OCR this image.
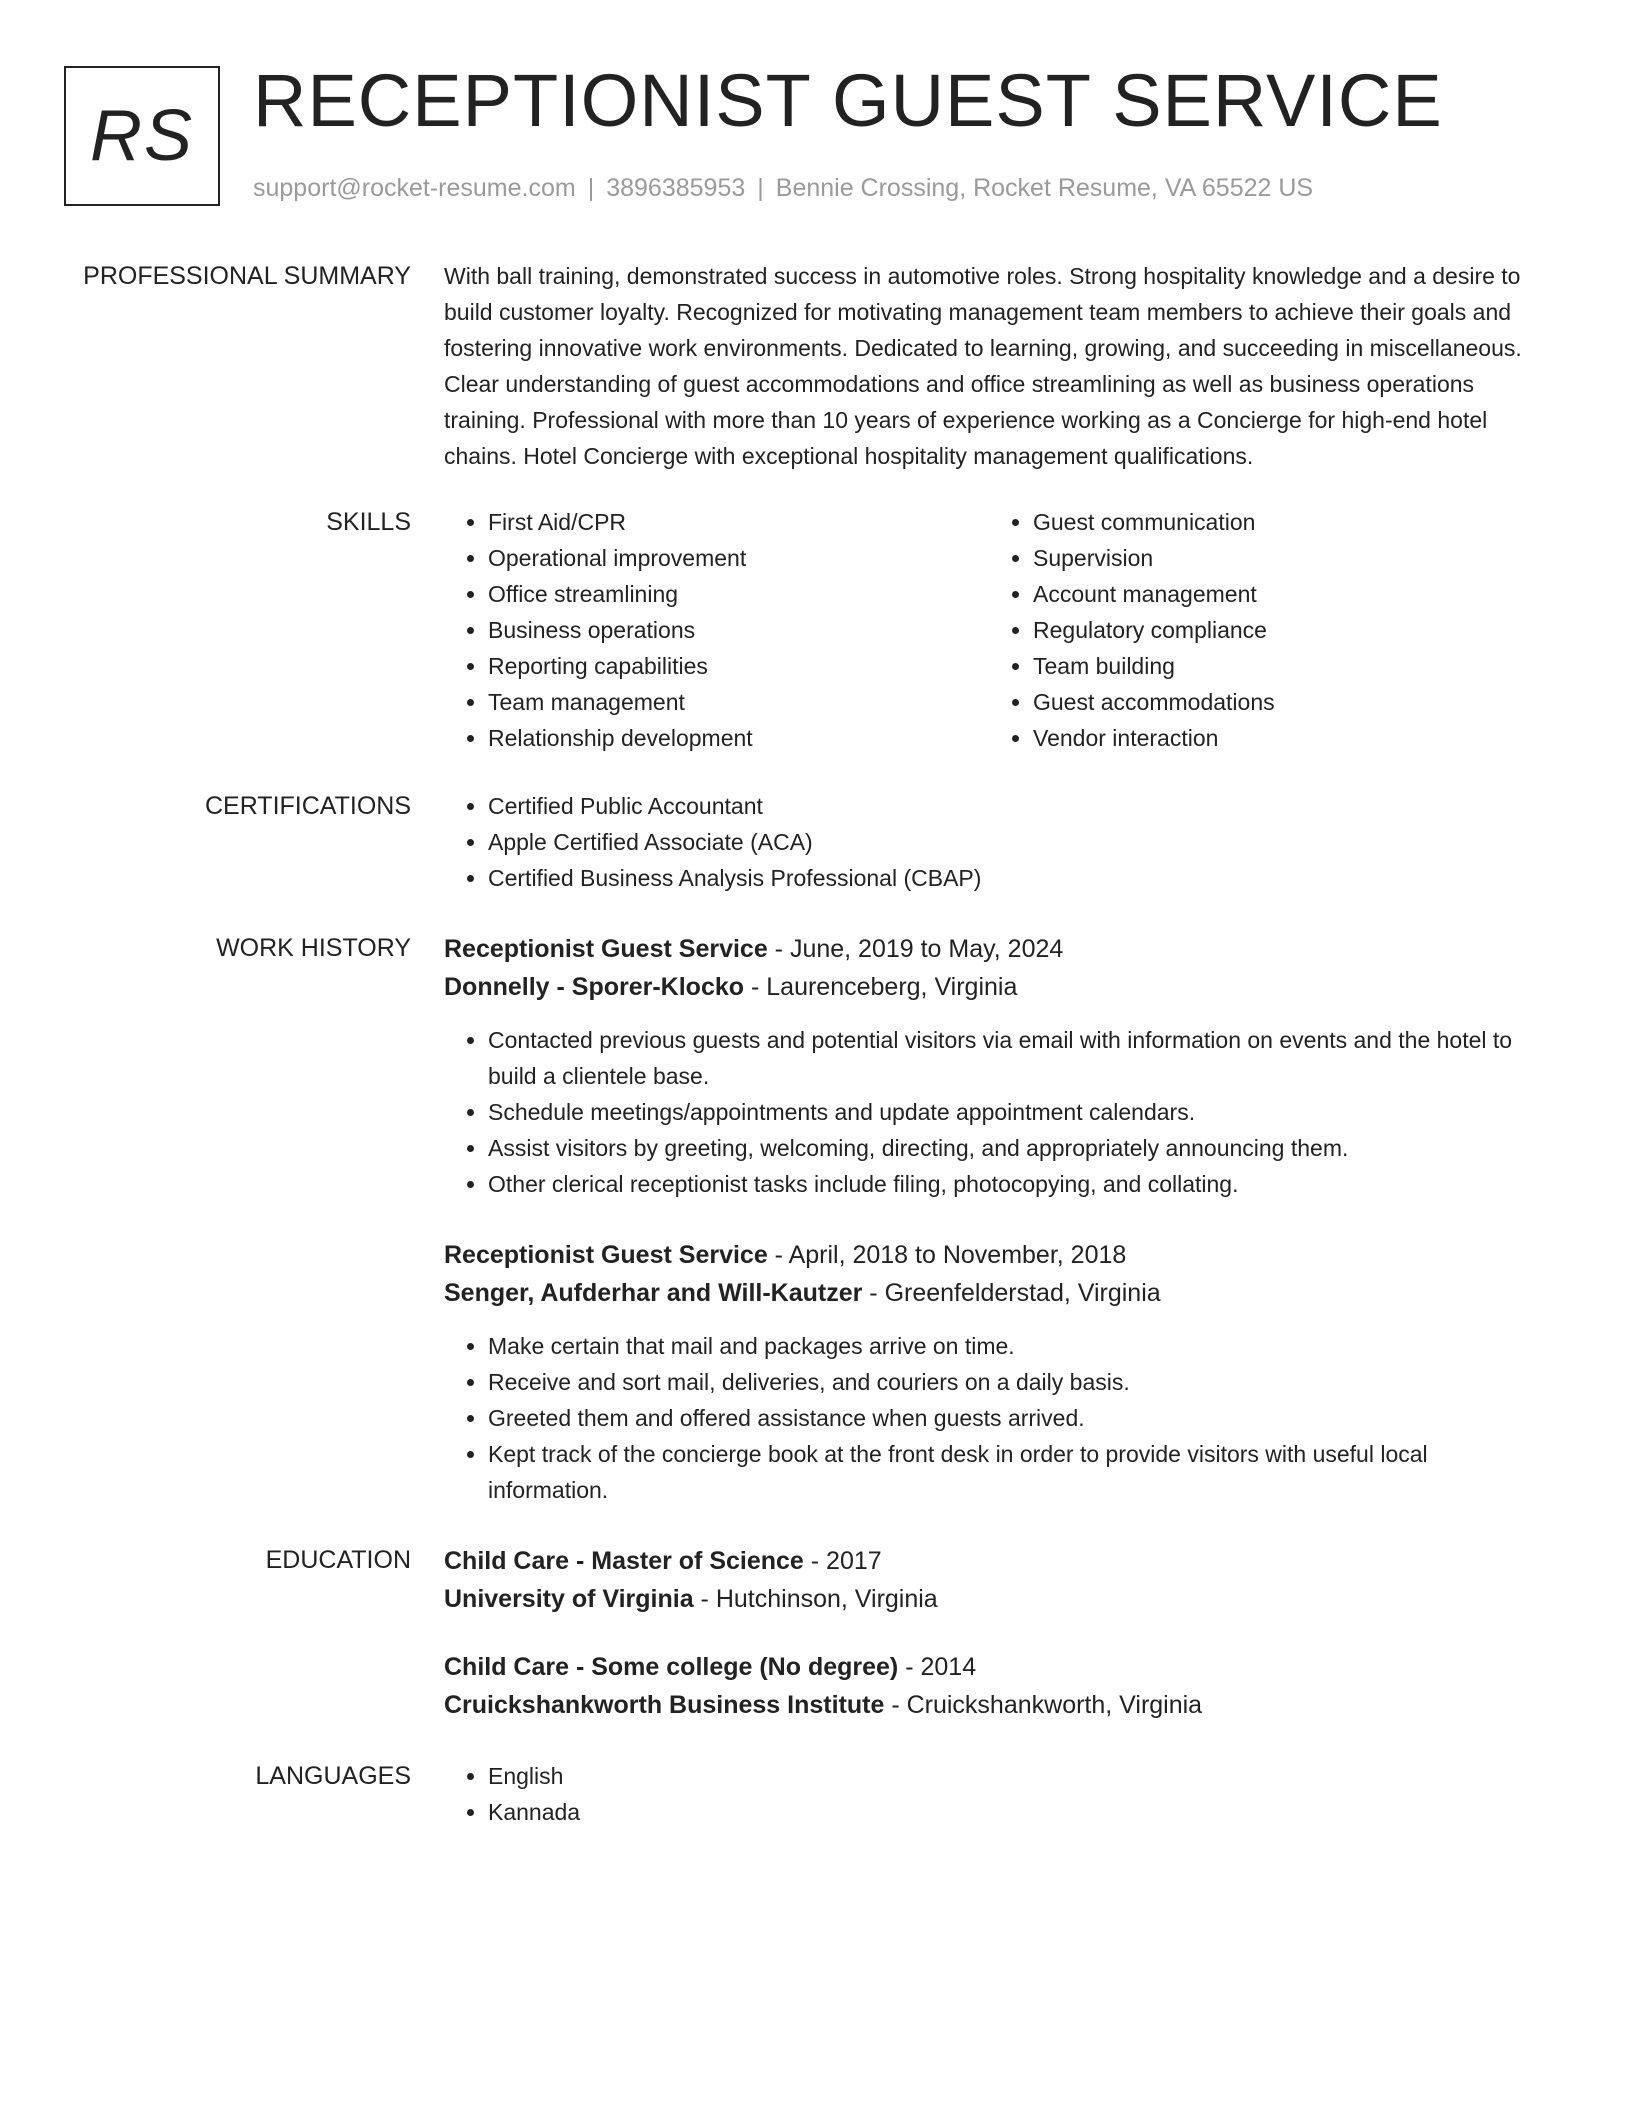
RS RECEPTIONIST GUEST SERVICE
support@rocket-resume.com | 3896385953 | Bennie Crossing, Rocket Resume, VA 65522 US
PROFESSIONAL SUMMARY With ball training, demonstrated success in automotive roles. Strong hospitality knowledge and a desire to build customer loyalty. Recognized for motivating management team members to achieve their goals and fostering innovative work environments. Dedicated to learning, growing, and succeeding in miscellaneous. Clear understanding of guest accommodations and office streamlining as well as business operations training. Professional with more than 10 years of experience working as a Concierge for high-end hotel chains. Hotel Concierge with exceptional hospitality management qualifications.

SKILLS	• First Aid/CPR
• Operational improvement
• Office streamlining
• Business operations
• Reporting capabilities
• Team management
• Relationship development
• Guest communication
• Supervision
• Account management
• Regulatory compliance
• Team building
• Guest accommodations
• Vendor interaction
CERTIFICATIONS	• Certified Public Accountant
• Apple Certified Associate (ACA)
• Certified Business Analysis Professional (CBAP)
WORK HISTORY Receptionist Guest Service - June, 2019 to May, 2024
Donnelly - Sporer-Klocko - Laurenceberg, Virginia
• Contacted previous guests and potential visitors via email with information on events and the hotel to build a clientele base.
• Schedule meetings/appointments and update appointment calendars.
• Assist visitors by greeting, welcoming, directing, and appropriately announcing them.
• Other clerical receptionist tasks include filing, photocopying, and collating.
Receptionist Guest Service - April, 2018 to November, 2018
Senger, Aufderhar and Will-Kautzer - Greenfelderstad, Virginia
• Make certain that mail and packages arrive on time.
• Receive and sort mail, deliveries, and couriers on a daily basis.
• Greeted them and offered assistance when guests arrived.
• Kept track of the concierge book at the front desk in order to provide visitors with useful local information.
EDUCATION Child Care - Master of Science - 2017
University of Virginia - Hutchinson, Virginia
Child Care - Some college (No degree) - 2014
Cruickshankworth Business Institute - Cruickshankworth, Virginia
LANGUAGES	• English
• Kannada
